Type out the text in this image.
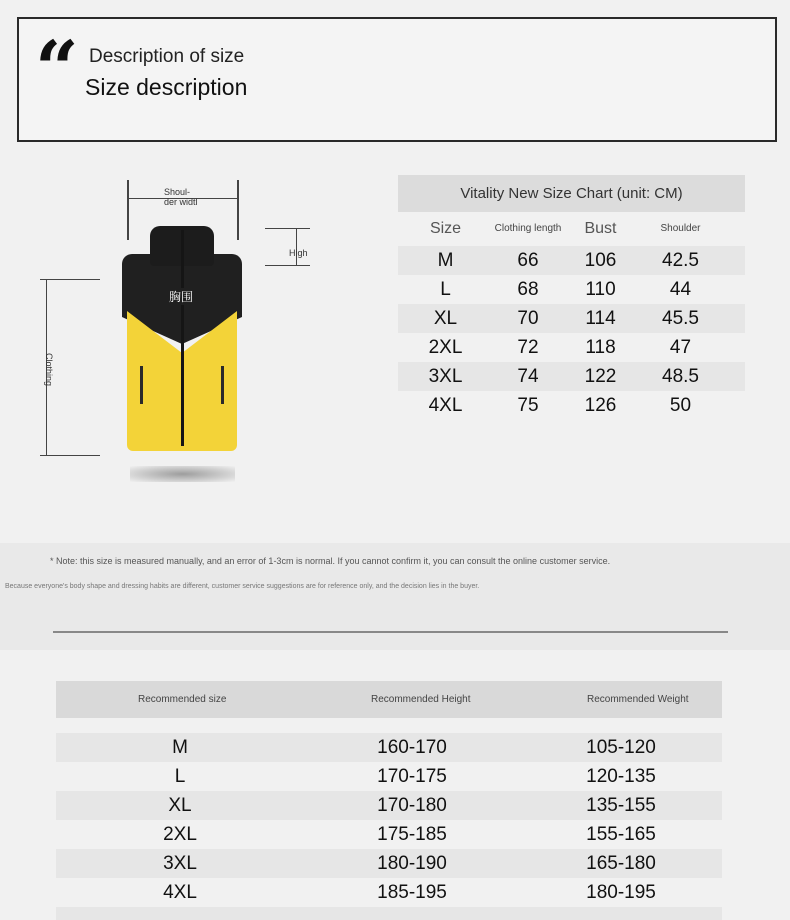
“ Description of size
Size description
Shoul-
der widtl
High
Clothing
胸围
Vitality New Size Chart (unit: CM)
Size	Clothing length	Bust	Shoulder
M	66	106	42.5
L	68	110	44
XL	70	114	45.5
2XL	72	118	47
3XL	74	122	48.5
4XL	75	126	50
* Note: this size is measured manually, and an error of 1-3cm is normal. If you cannot confirm it, you can consult the online customer service.
Because everyone's body shape and dressing habits are different, customer service suggestions are for reference only, and the decision lies in the buyer.
Recommended size	Recommended Height	Recommended Weight
M	160-170	105-120
L	170-175	120-135
XL	170-180	135-155
2XL	175-185	155-165
3XL	180-190	165-180
4XL	185-195	180-195
